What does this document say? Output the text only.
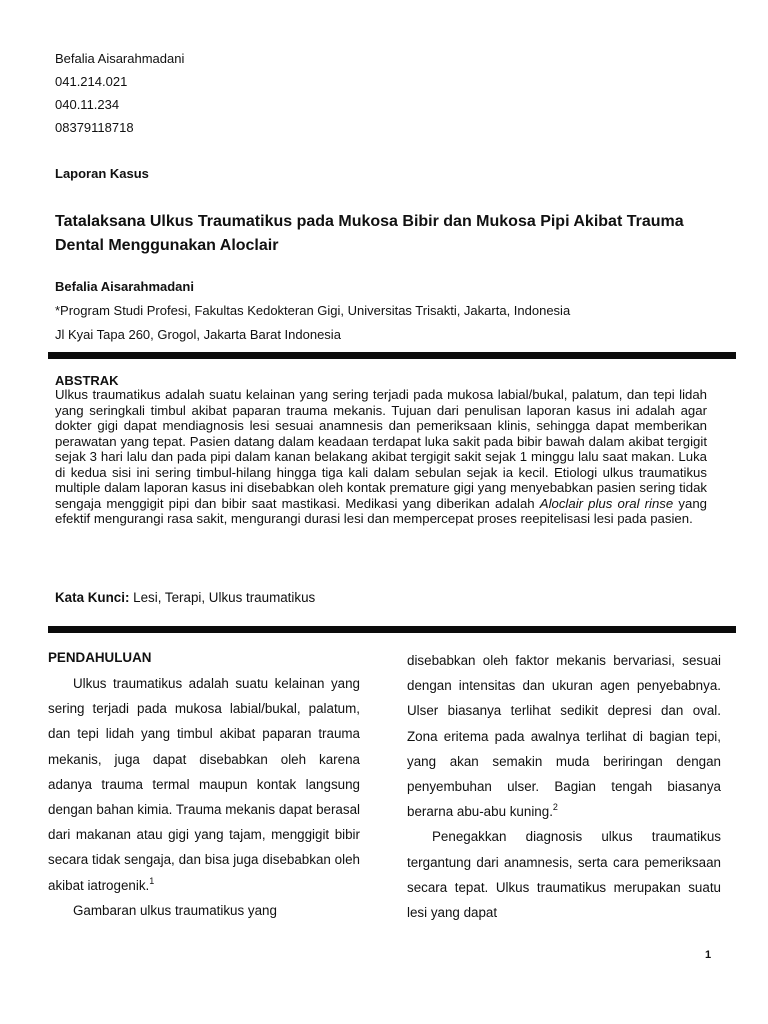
Befalia Aisarahmadani
041.214.021
040.11.234
08379118718
Laporan Kasus
Tatalaksana Ulkus Traumatikus pada Mukosa Bibir dan Mukosa Pipi Akibat Trauma Dental Menggunakan Aloclair
Befalia Aisarahmadani
*Program Studi Profesi, Fakultas Kedokteran Gigi, Universitas Trisakti, Jakarta, Indonesia
Jl Kyai Tapa 260, Grogol, Jakarta Barat Indonesia
ABSTRAK
Ulkus traumatikus adalah suatu kelainan yang sering terjadi pada mukosa labial/bukal, palatum, dan tepi lidah yang seringkali timbul akibat paparan trauma mekanis. Tujuan dari penulisan laporan kasus ini adalah agar dokter gigi dapat mendiagnosis lesi sesuai anamnesis dan pemeriksaan klinis, sehingga dapat memberikan perawatan yang tepat. Pasien datang dalam keadaan terdapat luka sakit pada bibir bawah dalam akibat tergigit sejak 3 hari lalu dan pada pipi dalam kanan belakang akibat tergigit sakit sejak 1 minggu lalu saat makan. Luka di kedua sisi ini sering timbul-hilang hingga tiga kali dalam sebulan sejak ia kecil. Etiologi ulkus traumatikus multiple dalam laporan kasus ini disebabkan oleh kontak premature gigi yang menyebabkan pasien sering tidak sengaja menggigit pipi dan bibir saat mastikasi. Medikasi yang diberikan adalah Aloclair plus oral rinse yang efektif mengurangi rasa sakit, mengurangi durasi lesi dan mempercepat proses reepitelisasi lesi pada pasien.
Kata Kunci: Lesi, Terapi, Ulkus traumatikus

PENDAHULUAN

Ulkus traumatikus adalah suatu kelainan yang sering terjadi pada mukosa labial/bukal, palatum, dan tepi lidah yang timbul akibat paparan trauma mekanis, juga dapat disebabkan oleh karena adanya trauma termal maupun kontak langsung dengan bahan kimia. Trauma mekanis dapat berasal dari makanan atau gigi yang tajam, menggigit bibir secara tidak sengaja, dan bisa juga disebabkan oleh akibat iatrogenik.$^1$

Gambaran ulkus traumatikus yang

disebabkan oleh faktor mekanis bervariasi, sesuai dengan intensitas dan ukuran agen penyebabnya. Ulser biasanya terlihat sedikit depresi dan oval. Zona eritema pada awalnya terlihat di bagian tepi, yang akan semakin muda beriringan dengan penyembuhan ulser. Bagian tengah biasanya berarna abu-abu kuning.$^2$

Penegakkan diagnosis ulkus traumatikus tergantung dari anamnesis, serta cara pemeriksaan secara tepat. Ulkus traumatikus merupakan suatu lesi yang dapat

1
